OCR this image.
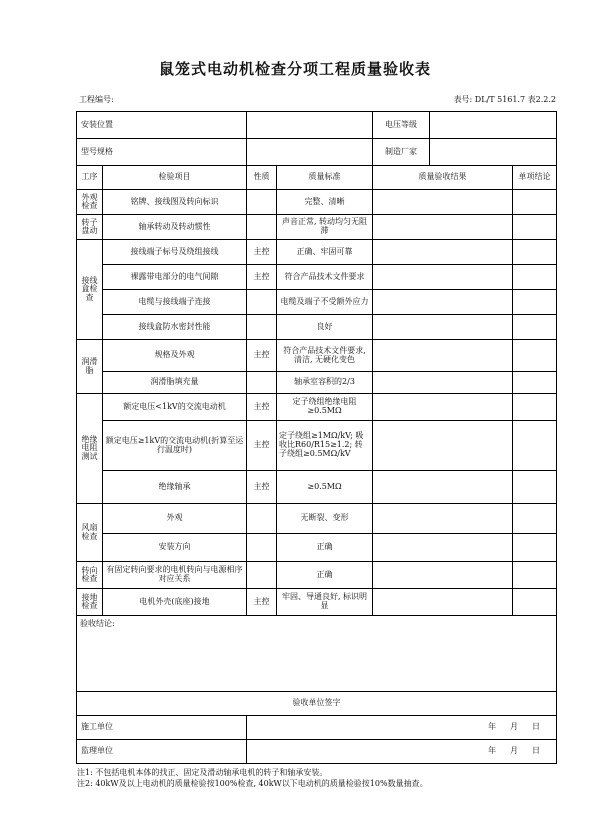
鼠笼式电动机检查分项工程质量验收表
工程编号:	表号: DL/T 5161.7 表2.2.2
安装位置				电压等级	

型号规格				制造厂家	

工序	检验项目	性质	质量标准	质量验收结果	单项结论
外观检查	铭牌、接线图及转向标识		完整、清晰		
转子盘动	轴承转动及转动惯性		声音正常, 转动均匀无阻滞		
接线盒检查	接线端子标号及绕组接线	主控	正确、牢固可靠		
	裸露带电部分的电气间隙	主控	符合产品技术文件要求		
	电缆与接线端子连接		电缆及端子不受额外应力		
	接线盒防水密封性能		良好		
润滑脂	规格及外观	主控	符合产品技术文件要求, 清洁, 无硬化变色		
	润滑脂填充量		轴承室容积的2/3		
绝缘电阻测试	额定电压<1kV的交流电动机	主控	定子绕组绝缘电阻≥0.5MΩ		
	额定电压≥1kV的交流电动机(折算至运行温度时)	主控	定子绕组≥1MΩ/kV; 吸收比R60/R15≥1.2; 转子绕组≥0.5MΩ/kV		
	绝缘轴承	主控	≥0.5MΩ		
风扇检查	外观		无断裂、变形		
	安装方向		正确		
转向检查	有固定转向要求的电机转向与电源相序对应关系		正确		
接地检查	电机外壳(底座)接地	主控	牢固、导通良好, 标识明显		
验收结论:					
验收单位签字					
施工单位		年 月 日			

监理单位		年 月 日			
注1: 不包括电机本体的找正、固定及滑动轴承电机的转子和轴承安装。
注2: 40kW及以上电动机的质量检验按100%检查, 40kW以下电动机的质量检验按10%数量抽查。
